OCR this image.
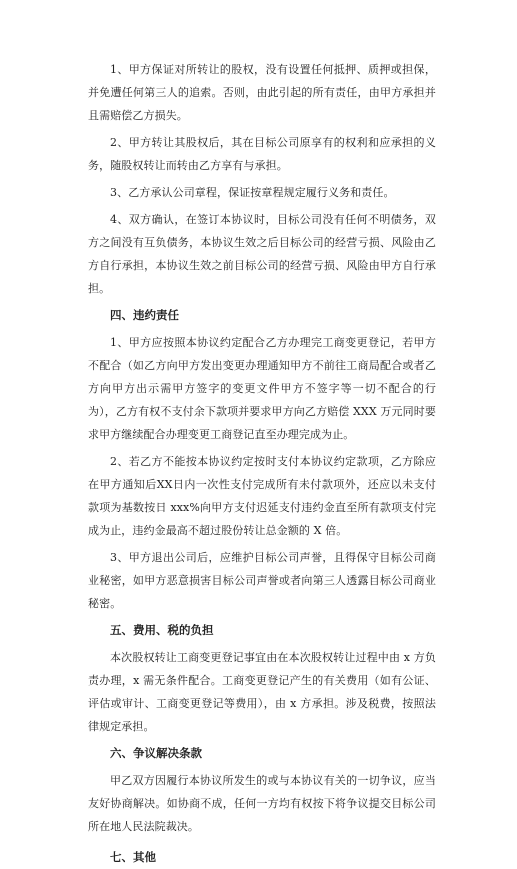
1、甲方保证对所转让的股权，没有设置任何抵押、质押或担保，并免遭任何第三人的追索。否则，由此引起的所有责任，由甲方承担并且需赔偿乙方损失。

2、甲方转让其股权后，其在目标公司原享有的权利和应承担的义务，随股权转让而转由乙方享有与承担。

3、乙方承认公司章程，保证按章程规定履行义务和责任。

4、双方确认，在签订本协议时，目标公司没有任何不明债务，双方之间没有互负债务，本协议生效之后目标公司的经营亏损、风险由乙方自行承担，本协议生效之前目标公司的经营亏损、风险由甲方自行承担。

四、违约责任

1、甲方应按照本协议约定配合乙方办理完工商变更登记，若甲方不配合（如乙方向甲方发出变更办理通知甲方不前往工商局配合或者乙方向甲方出示需甲方签字的变更文件甲方不签字等一切不配合的行为），乙方有权不支付余下款项并要求甲方向乙方赔偿 XXX 万元同时要求甲方继续配合办理变更工商登记直至办理完成为止。

2、若乙方不能按本协议约定按时支付本协议约定款项，乙方除应在甲方通知后XX日内一次性支付完成所有未付款项外，还应以未支付款项为基数按日 xxx%向甲方支付迟延支付违约金直至所有款项支付完成为止，违约金最高不超过股份转让总金额的 X 倍。

3、甲方退出公司后，应维护目标公司声誉，且得保守目标公司商业秘密，如甲方恶意损害目标公司声誉或者向第三人透露目标公司商业秘密。

五、费用、税的负担

本次股权转让工商变更登记事宜由在本次股权转让过程中由 x 方负责办理，x 需无条件配合。工商变更登记产生的有关费用（如有公证、评估或审计、工商变更登记等费用），由 x 方承担。涉及税费，按照法律规定承担。

六、争议解决条款

甲乙双方因履行本协议所发生的或与本协议有关的一切争议，应当友好协商解决。如协商不成，任何一方均有权按下将争议提交目标公司所在地人民法院裁决。

七、其他
